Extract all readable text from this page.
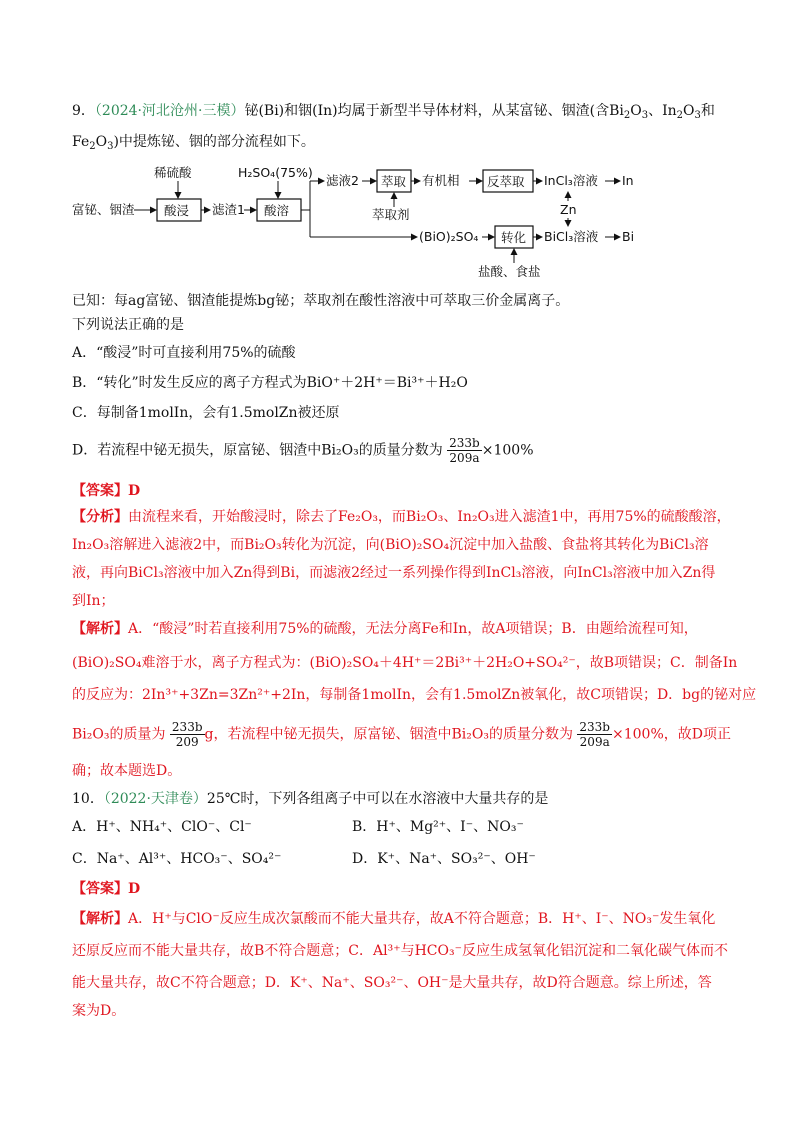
9．（2024·河北沧州·三模）铋(Bi)和铟(In)均属于新型半导体材料，从某富铋、铟渣(含$Bi_2O_3$、$In_2O_3$和
$Fe_2O_3$)中提炼铋、铟的部分流程如下。
富铋、铟渣
稀硫酸
酸浸 滤渣1
H₂SO₄(75%)
酸溶
滤液2 萃取
萃取剂
有机相 反萃取 InCl₃溶液 In
Zn
(BiO)₂SO₄ 转化
盐酸、食盐
BiCl₃溶液 Bi
已知：每ag富铋、铟渣能提炼bg铋；萃取剂在酸性溶液中可萃取三价金属离子。
下列说法正确的是
A．“酸浸”时可直接利用75%的硫酸
B．“转化”时发生反应的离子方程式为BiO⁺＋2H⁺＝Bi³⁺＋H₂O
C．每制备1molIn，会有1.5molZn被还原
D．若流程中铋无损失，原富铋、铟渣中Bi₂O₃的质量分数为 $\frac{233b}{209a} \times 100\%$
【答案】D
【分析】由流程来看，开始酸浸时，除去了Fe₂O₃，而Bi₂O₃、In₂O₃进入滤渣1中，再用75%的硫酸酸溶，
In₂O₃溶解进入滤液2中，而Bi₂O₃转化为沉淀，向(BiO)₂SO₄沉淀中加入盐酸、食盐将其转化为BiCl₃溶
液，再向BiCl₃溶液中加入Zn得到Bi，而滤液2经过一系列操作得到InCl₃溶液，向InCl₃溶液中加入Zn得
到In；
【解析】A．“酸浸”时若直接利用75%的硫酸，无法分离Fe和In，故A项错误；B．由题给流程可知，
(BiO)₂SO₄难溶于水，离子方程式为：(BiO)₂SO₄＋4H⁺＝2Bi³⁺＋2H₂O+SO₄²⁻，故B项错误；C．制备In
的反应为：2In³⁺+3Zn=3Zn²⁺+2In，每制备1molIn，会有1.5molZn被氧化，故C项错误；D．bg的铋对应
Bi₂O₃的质量为 $\frac{233b}{209}$ g，若流程中铋无损失，原富铋、铟渣中Bi₂O₃的质量分数为 $\frac{233b}{209a} \times 100\%$，故D项正
确；故本题选D。
10．（2022·天津卷）25℃时，下列各组离子中可以在水溶液中大量共存的是
A．H⁺、NH₄⁺、ClO⁻、Cl⁻	B．H⁺、Mg²⁺、I⁻、NO₃⁻
C．Na⁺、Al³⁺、HCO₃⁻、SO₄²⁻	D．K⁺、Na⁺、SO₃²⁻、OH⁻
【答案】D
【解析】A．H⁺与ClO⁻反应生成次氯酸而不能大量共存，故A不符合题意；B．H⁺、I⁻、NO₃⁻发生氧化
还原反应而不能大量共存，故B不符合题意；C．Al³⁺与HCO₃⁻反应生成氢氧化铝沉淀和二氧化碳气体而不
能大量共存，故C不符合题意；D．K⁺、Na⁺、SO₃²⁻、OH⁻是大量共存，故D符合题意。综上所述，答
案为D。
